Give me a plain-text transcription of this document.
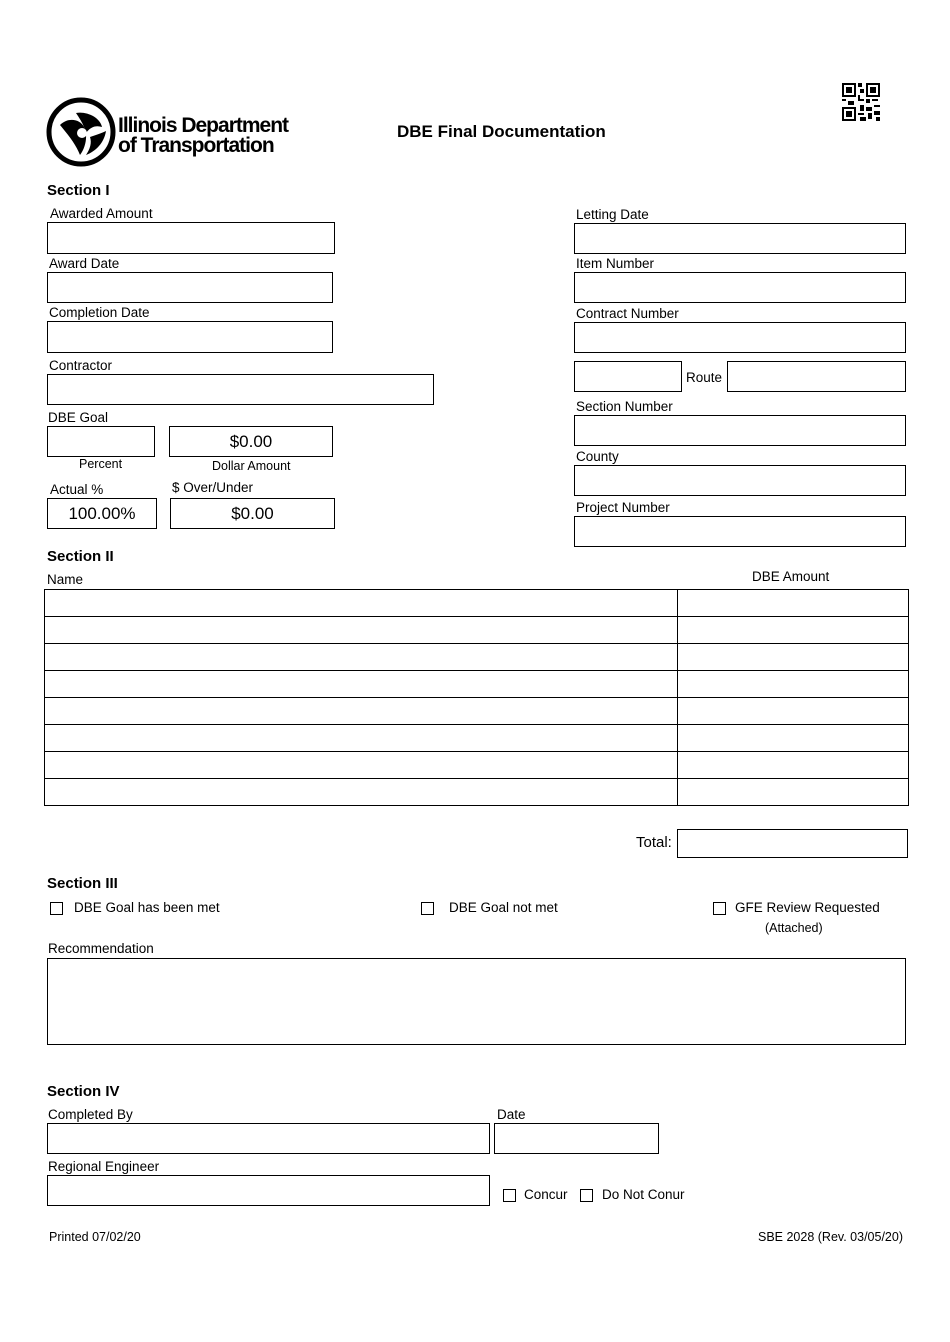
Illinois Department
of Transportation
DBE Final Documentation
Section I
Awarded Amount
Award Date
Completion Date
Contractor
DBE Goal
$0.00
Percent	Dollar Amount
Actual %	$ Over/Under
100.00%	$0.00
Letting Date
Item Number
Contract Number
Route
Section Number
County
Project Number
Section II
Name	DBE Amount

Total:
Section III
DBE Goal has been met	DBE Goal not met	GFE Review Requested
(Attached)
Recommendation
Section IV
Completed By	Date
Regional Engineer
Concur	Do Not Conur
Printed 07/02/20	SBE 2028 (Rev. 03/05/20)
